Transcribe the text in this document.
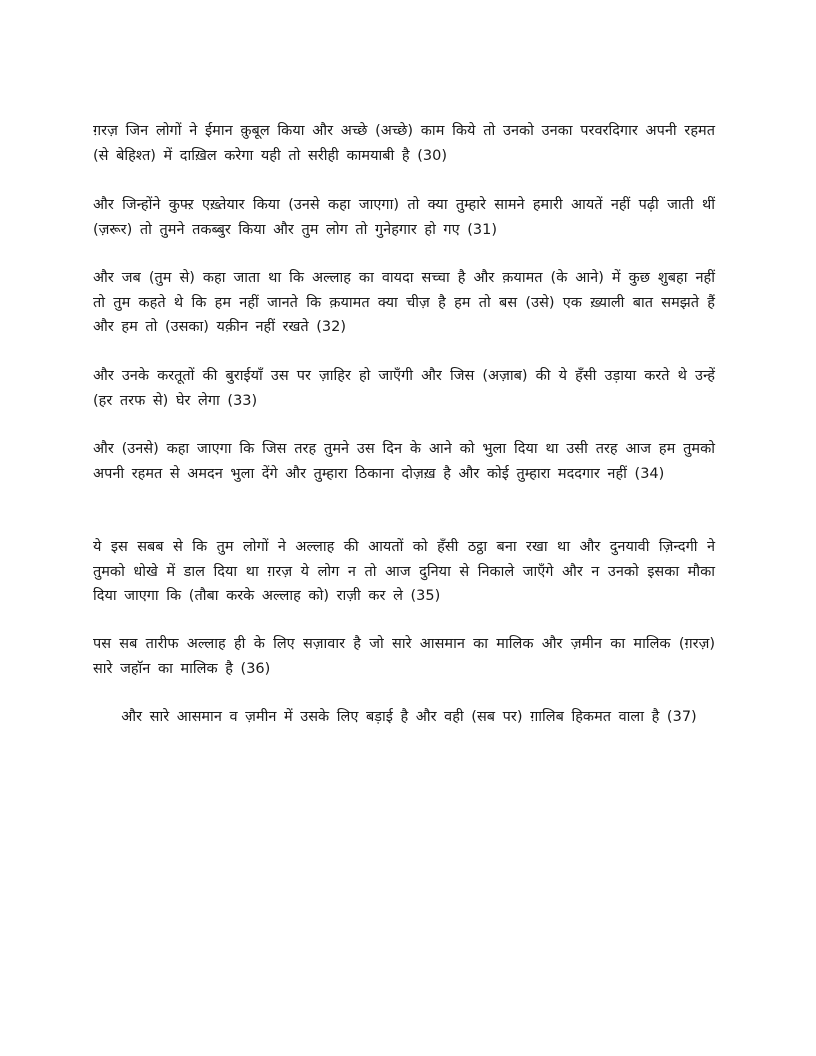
ग़रज़ जिन लोगों ने ईमान क़ुबूल किया और अच्छे (अच्छे) काम किये तो उनको उनका परवरदिगार अपनी रहमत (से बेहिश्त) में दाख़िल करेगा यही तो सरीही कामयाबी है (30)

और जिन्होंने कुफ्ऱ एख़्तेयार किया (उनसे कहा जाएगा) तो क्या तुम्हारे सामने हमारी आयतें नहीं पढ़ी जाती थीं (ज़रूर) तो तुमने तकब्बुर किया और तुम लोग तो गुनेहगार हो गए (31)

और जब (तुम से) कहा जाता था कि अल्लाह का वायदा सच्चा है और क़यामत (के आने) में कुछ शुबहा नहीं तो तुम कहते थे कि हम नहीं जानते कि क़यामत क्या चीज़ है हम तो बस (उसे) एक ख़्याली बात समझते हैं और हम तो (उसका) यक़ीन नहीं रखते (32)

और उनके करतूतों की बुराईयाँ उस पर ज़ाहिर हो जाएँगी और जिस (अज़ाब) की ये हँसी उड़ाया करते थे उन्हें (हर तरफ से) घेर लेगा (33)

और (उनसे) कहा जाएगा कि जिस तरह तुमने उस दिन के आने को भुला दिया था उसी तरह आज हम तुमको अपनी रहमत से अमदन भुला देंगे और तुम्हारा ठिकाना दोज़ख़ है और कोई तुम्हारा मददगार नहीं (34)

ये इस सबब से कि तुम लोगों ने अल्लाह की आयतों को हँसी ठट्ठा बना रखा था और दुनयावी ज़िन्दगी ने तुमको धोखे में डाल दिया था ग़रज़ ये लोग न तो आज दुनिया से निकाले जाएँगे और न उनको इसका मौका दिया जाएगा कि (तौबा करके अल्लाह को) राज़ी कर ले (35)

पस सब तारीफ अल्लाह ही के लिए सज़ावार है जो सारे आसमान का मालिक और ज़मीन का मालिक (ग़रज़) सारे जहाॅन का मालिक है (36)

और सारे आसमान व ज़मीन में उसके लिए बड़ाई है और वही (सब पर) ग़ालिब हिकमत वाला है (37)
